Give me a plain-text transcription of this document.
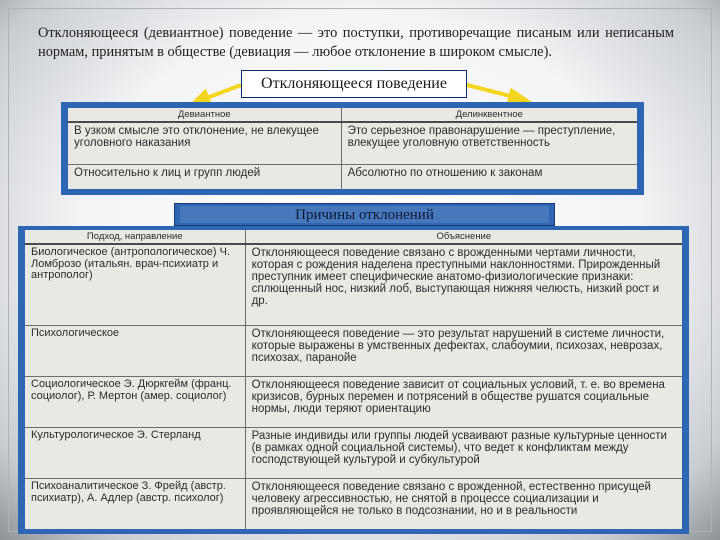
Отклоняющееся (девиантное) поведение — это поступки, противоречащие писаным или неписаным нормам, принятым в обществе (девиация — любое отклонение в широком смысле).

Отклоняющееся поведение
Девиантное	Делинквентное
В узком смысле это отклонение, не влекущее уголовного наказания	Это серьезное правонарушение — преступление, влекущее уголовную ответственность
Относительно к лиц и групп людей	Абсолютно по отношению к законам
Причины отклонений
Подход, направление	Объяснение
Биологическое (антропологическое) Ч. Ломброзо (итальян. врач-психиатр и антрополог)	Отклоняющееся поведение связано с врожденными чертами личности, которая с рождения наделена преступными наклонностями. Прирожденный преступник имеет специфические анатомо-физиологические признаки: сплющенный нос, низкий лоб, выступающая нижняя челюсть, низкий рост и др.
Психологическое	Отклоняющееся поведение — это результат нарушений в системе личности, которые выражены в умственных дефектах, слабоумии, психозах, неврозах, психозах, паранойе
Социологическое Э. Дюркгейм (франц. социолог), Р. Мертон (амер. социолог)	Отклоняющееся поведение зависит от социальных условий, т. е. во времена кризисов, бурных перемен и потрясений в обществе рушатся социальные нормы, люди теряют ориентацию
Культурологическое Э. Стерланд	Разные индивиды или группы людей усваивают разные культурные ценности (в рамках одной социальной системы), что ведет к конфликтам между господствующей культурой и субкультурой
Психоаналитическое З. Фрейд (австр. психиатр), А. Адлер (австр. психолог)	Отклоняющееся поведение связано с врожденной, естественно присущей человеку агрессивностью, не снятой в процессе социализации и проявляющейся не только в подсознании, но и в реальности
